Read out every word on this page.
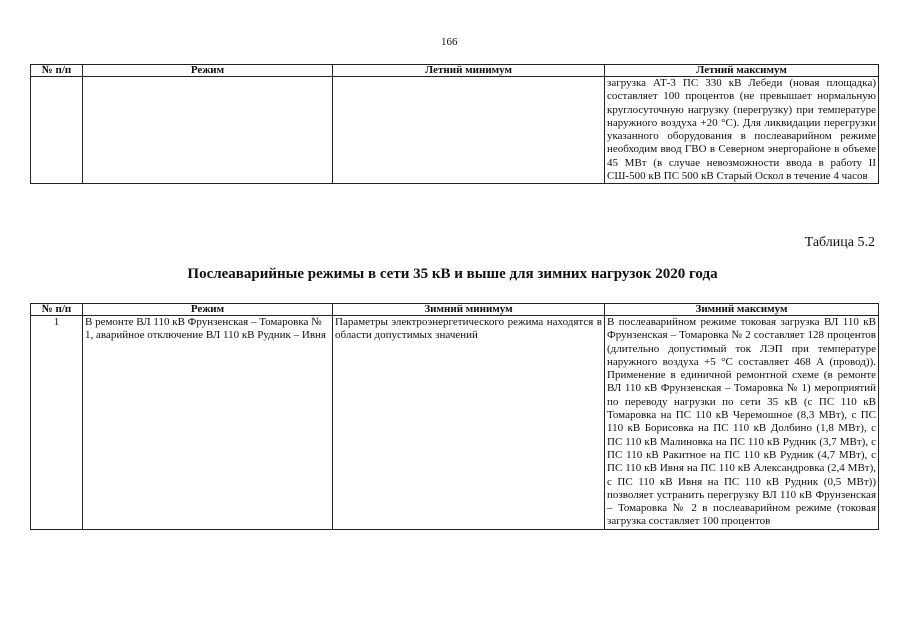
166
№ п/п	Режим	Летний минимум	Летний максимум
			загрузка АТ-3 ПС 330 кВ Лебеди (новая площадка) составляет 100 процентов (не превышает нормальную круглосуточную нагрузку (перегрузку) при температуре наружного воздуха +20 °С). Для ликвидации перегрузки указанного оборудования в послеаварийном режиме необходим ввод ГВО в Северном энергорайоне в объеме 45 МВт (в случае невозможности ввода в работу II СШ-500 кВ ПС 500 кВ Старый Оскол в течение 4 часов
Таблица 5.2
Послеаварийные режимы в сети 35 кВ и выше для зимних нагрузок 2020 года
№ п/п	Режим	Зимний минимум	Зимний максимум
1	В ремонте ВЛ 110 кВ Фрунзенская – Томаровка № 1, аварийное отключение ВЛ 110 кВ Рудник – Ивня	Параметры электроэнергетического режима находятся в области допустимых значений	В послеаварийном режиме токовая загрузка ВЛ 110 кВ Фрунзенская – Томаровка № 2 составляет 128 процентов (длительно допустимый ток ЛЭП при температуре наружного воздуха +5 °С составляет 468 А (провод)). Применение в единичной ремонтной схеме (в ремонте ВЛ 110 кВ Фрунзенская – Томаровка № 1) мероприятий по переводу нагрузки по сети 35 кВ (с ПС 110 кВ Томаровка на ПС 110 кВ Черемошное (8,3 МВт), с ПС 110 кВ Борисовка на ПС 110 кВ Долбино (1,8 МВт), с ПС 110 кВ Малиновка на ПС 110 кВ Рудник (3,7 МВт), с ПС 110 кВ Ракитное на ПС 110 кВ Рудник (4,7 МВт), с ПС 110 кВ Ивня на ПС 110 кВ Александровка (2,4 МВт), с ПС 110 кВ Ивня на ПС 110 кВ Рудник (0,5 МВт)) позволяет устранить перегрузку ВЛ 110 кВ Фрунзенская – Томаровка № 2 в послеаварийном режиме (токовая загрузка составляет 100 процентов
